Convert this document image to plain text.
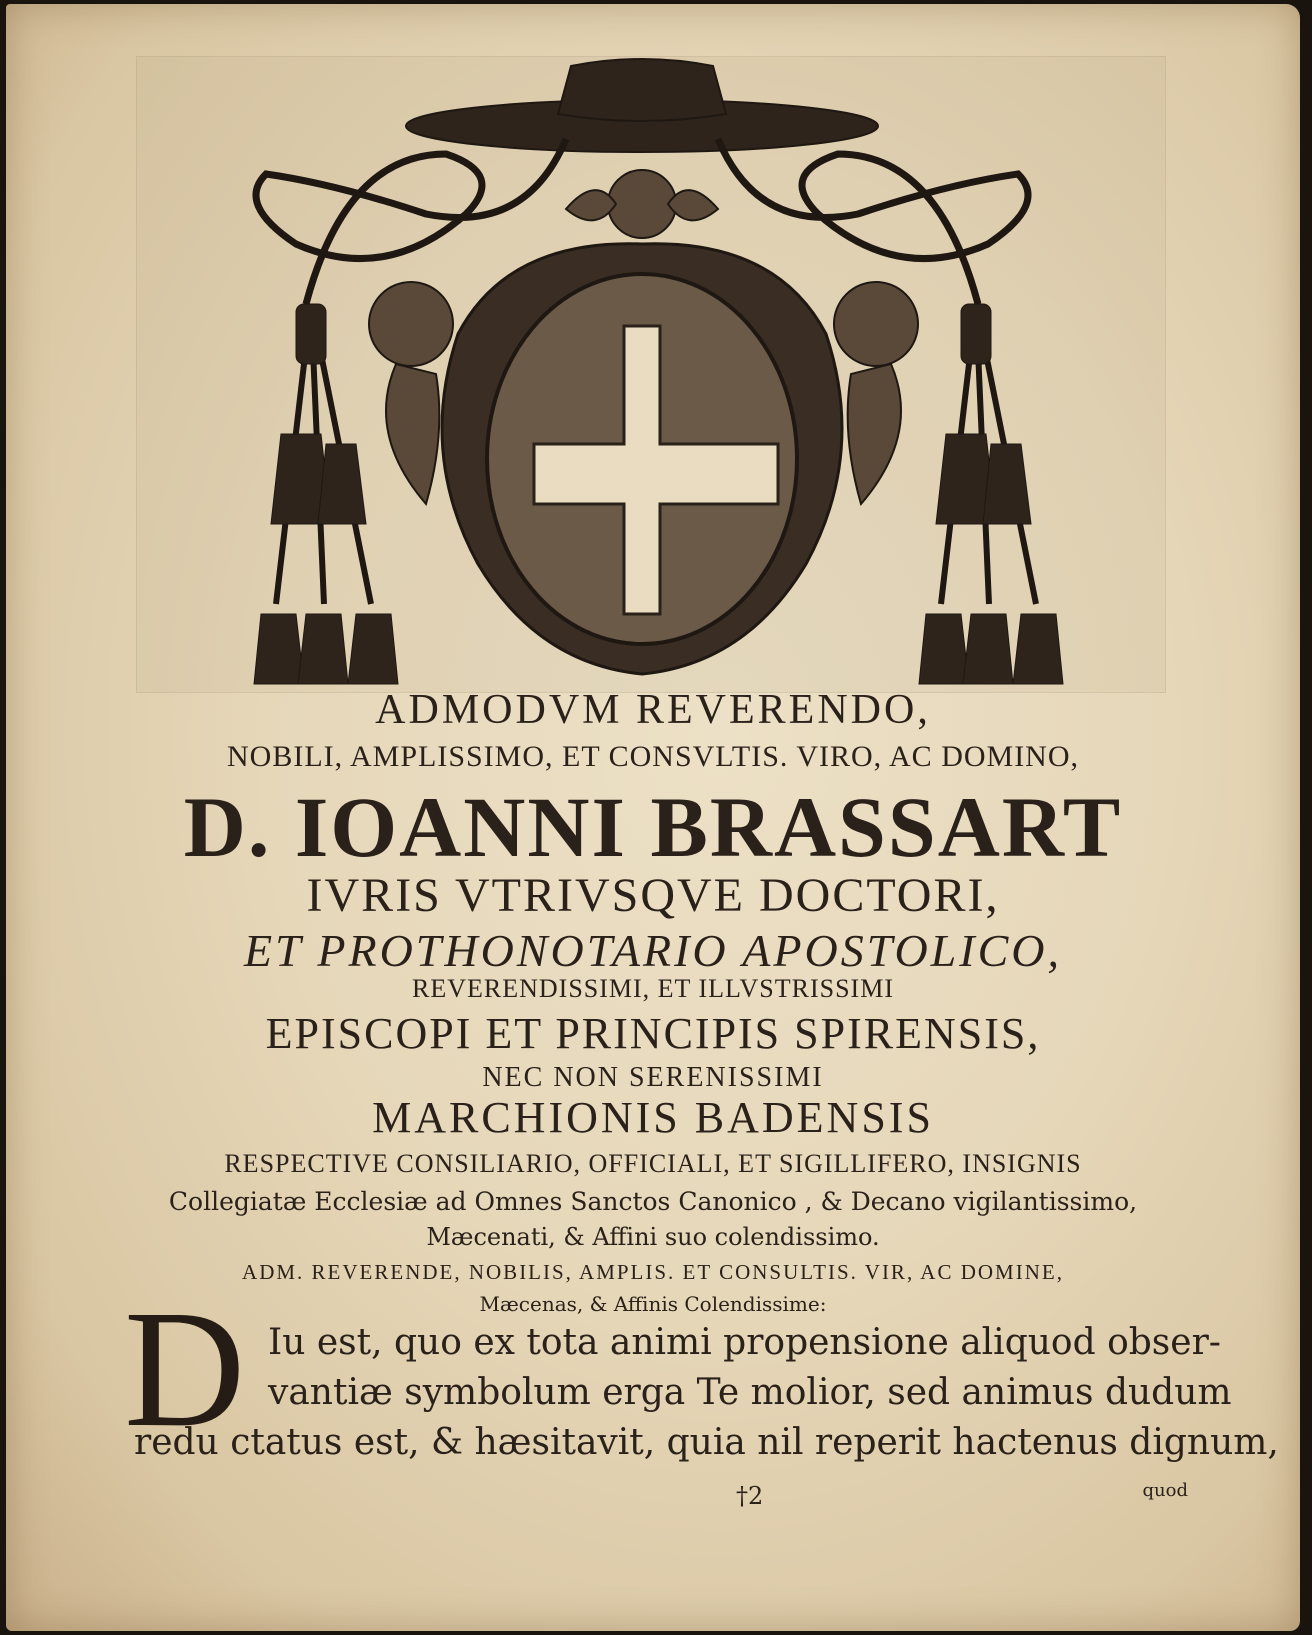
ADMODVM REVERENDO,
NOBILI, AMPLISSIMO, ET CONSVLTIS. VIRO, AC DOMINO,
D. IOANNI BRASSART
IVRIS VTRIVSQVE DOCTORI,
ET PROTHONOTARIO APOSTOLICO,
REVERENDISSIMI, ET ILLVSTRISSIMI
EPISCOPI ET PRINCIPIS SPIRENSIS,
NEC NON SERENISSIMI
MARCHIONIS BADENSIS
RESPECTIVE CONSILIARIO, OFFICIALI, ET SIGILLIFERO, INSIGNIS
Collegiatæ Ecclesiæ ad Omnes Sanctos Canonico , & Decano vigilantissimo,
Mæcenati, & Affini suo colendissimo.
ADM. REVERENDE, NOBILIS, AMPLIS. ET CONSULTIS. VIR, AC DOMINE,
Mæcenas, & Affinis Colendissime:
D Iu est, quo ex tota animi propensione aliquod obser-
vantiæ symbolum erga Te molior, sed animus dudum
redu ctatus est, & hæsitavit, quia nil reperit hactenus dignum,
†2	quod
